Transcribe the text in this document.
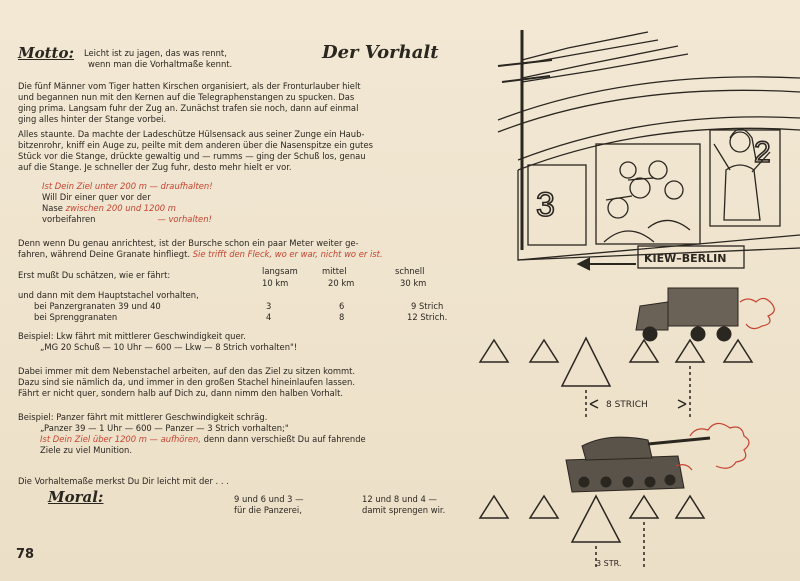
Motto: Leicht ist zu jagen, das was rennt,
wenn man die Vorhaltmaße kennt.
Der Vorhalt
Die fünf Männer vom Tiger hatten Kirschen organisiert, als der Fronturlauber hielt
und begannen nun mit den Kernen auf die Telegraphenstangen zu spucken. Das
ging prima. Langsam fuhr der Zug an. Zunächst trafen sie noch, dann auf einmal
ging alles hinter der Stange vorbei.
Alles staunte. Da machte der Ladeschütze Hülsensack aus seiner Zunge ein Haub-
bitzenrohr, kniff ein Auge zu, peilte mit dem anderen über die Nasenspitze ein gutes
Stück vor die Stange, drückte gewaltig und — rumms — ging der Schuß los, genau
auf die Stange. Je schneller der Zug fuhr, desto mehr hielt er vor.
Ist Dein Ziel unter 200 m — draufhalten!
Will Dir einer quer vor der
Nase zwischen 200 und 1200 m
vorbeifahren	— vorhalten!
Denn wenn Du genau anrichtest, ist der Bursche schon ein paar Meter weiter ge-
fahren, während Deine Granate hinfliegt. Sie trifft den Fleck, wo er war, nicht wo er ist.
Erst mußt Du schätzen, wie er fährt:	langsam	mittel	schnell
10 km	20 km	30 km
und dann mit dem Hauptstachel vorhalten,
bei Panzergranaten 39 und 40	3	6	9 Strich
bei Sprenggranaten	4	8	12 Strich.
Beispiel: Lkw fährt mit mittlerer Geschwindigkeit quer.
„MG 20 Schuß — 10 Uhr — 600 — Lkw — 8 Strich vorhalten"!
Dabei immer mit dem Nebenstachel arbeiten, auf den das Ziel zu sitzen kommt.
Dazu sind sie nämlich da, und immer in den großen Stachel hineinlaufen lassen.
Fährt er nicht quer, sondern halb auf Dich zu, dann nimm den halben Vorhalt.
Beispiel: Panzer fährt mit mittlerer Geschwindigkeit schräg.
„Panzer 39 — 1 Uhr — 600 — Panzer — 3 Strich vorhalten;"
Ist Dein Ziel über 1200 m — aufhören, denn dann verschießt Du auf fahrende
Ziele zu viel Munition.
Die Vorhaltemaße merkst Du Dir leicht mit der . . .
Moral:	9 und 6 und 3 —
für die Panzerei,
12 und 8 und 4 —
damit sprengen wir.
78
3
2
KIEW–BERLIN
8 STRICH
3 STR.
